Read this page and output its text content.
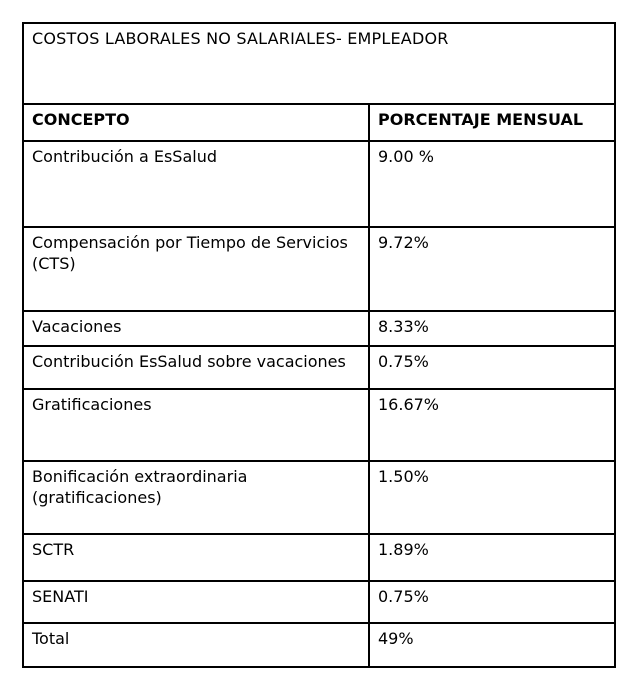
COSTOS LABORALES NO SALARIALES- EMPLEADOR	
CONCEPTO	PORCENTAJE MENSUAL
Contribución a EsSalud	9.00 %
Compensación por Tiempo de Servicios (CTS)	9.72%
Vacaciones	8.33%
Contribución EsSalud sobre vacaciones	0.75%
Gratificaciones	16.67%
Bonificación extraordinaria (gratificaciones)	1.50%
SCTR	1.89%
SENATI	0.75%
Total	49%
